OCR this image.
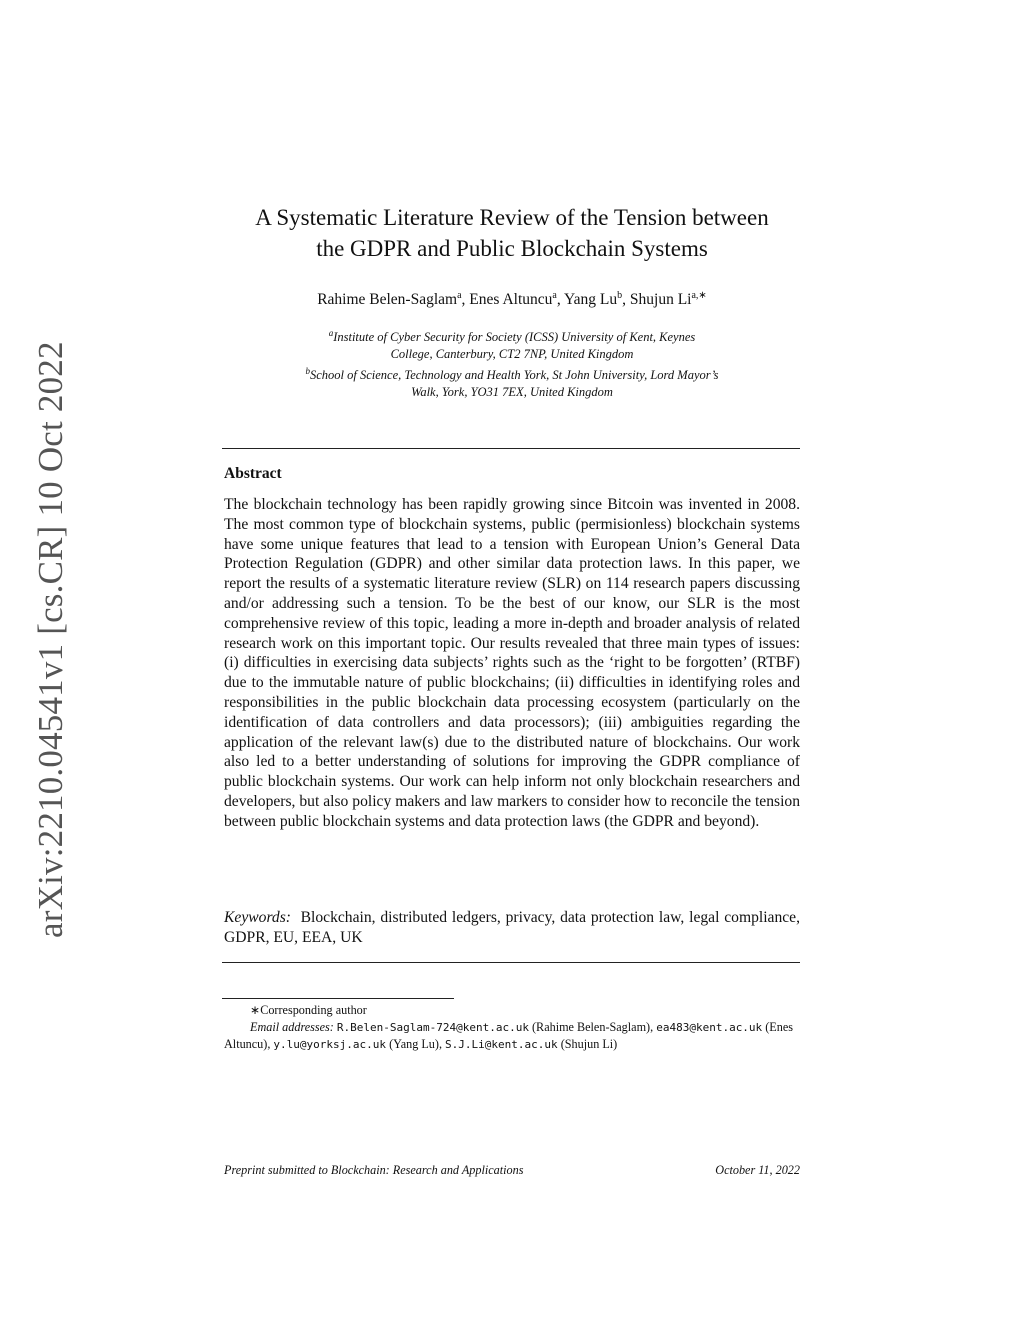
arXiv:2210.04541v1 [cs.CR] 10 Oct 2022
A Systematic Literature Review of the Tension between
the GDPR and Public Blockchain Systems
Rahime Belen-Saglam$^a$, Enes Altuncu$^a$, Yang Lu$^b$, Shujun $Li^{a,∗}$
$^a$Institute of Cyber Security for Society (ICSS) University of Kent, Keynes
College, Canterbury, CT2 7NP, United Kingdom
$^b$School of Science, Technology and Health York, St John University, Lord Mayor’s
Walk, York, YO31 7EX, United Kingdom
Abstract
The blockchain technology has been rapidly growing since Bitcoin was invented in 2008. The most common type of blockchain systems, public (permisionless) blockchain systems have some unique features that lead to a tension with European Union’s General Data Protection Regulation (GDPR) and other similar data protection laws. In this paper, we report the results of a systematic literature review (SLR) on 114 research papers discussing and/or addressing such a tension. To be the best of our know, our SLR is the most comprehensive review of this topic, leading a more in-depth and broader analysis of related research work on this important topic. Our results revealed that three main types of issues: (i) difficulties in exercising data subjects’ rights such as the ‘right to be forgotten’ (RTBF) due to the immutable nature of public blockchains; (ii) difficulties in identifying roles and responsibilities in the public blockchain data processing ecosystem (particularly on the identification of data controllers and data processors); (iii) ambiguities regarding the application of the relevant law(s) due to the distributed nature of blockchains. Our work also led to a better understanding of solutions for improving the GDPR compliance of public blockchain systems. Our work can help inform not only blockchain researchers and developers, but also policy makers and law markers to consider how to reconcile the tension between public blockchain systems and data protection laws (the GDPR and beyond).
Keywords: Blockchain, distributed ledgers, privacy, data protection law, legal compliance, GDPR, EU, EEA, UK
∗Corresponding author
Email addresses: R.Belen-Saglam-724@kent.ac.uk (Rahime Belen-Saglam), ea483@kent.ac.uk (Enes Altuncu), y.lu@yorksj.ac.uk (Yang Lu), S.J.Li@kent.ac.uk (Shujun Li)
Preprint submitted to Blockchain: Research and Applications	October 11, 2022
